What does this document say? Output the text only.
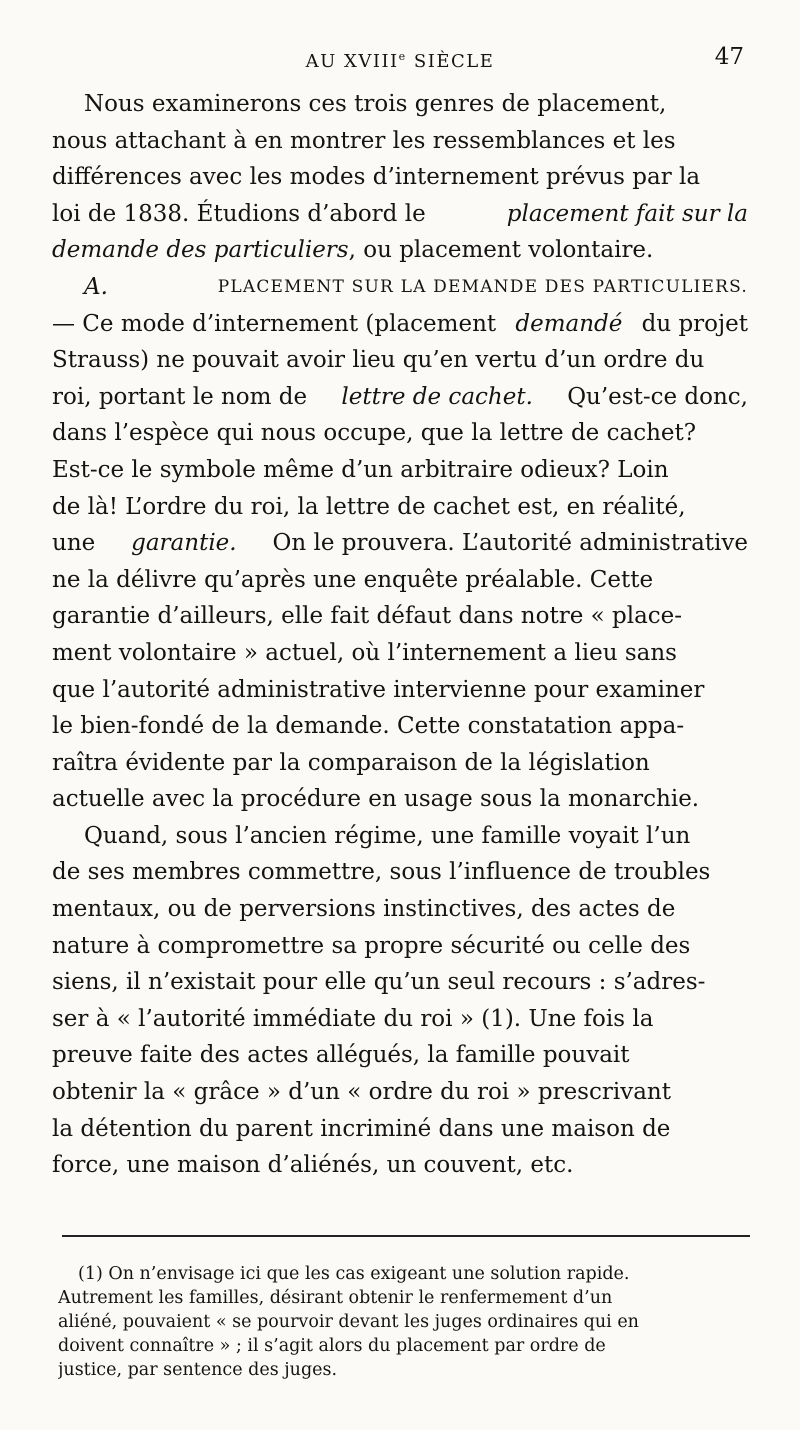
AU XVIIIe SIÈCLE	47
Nous examinerons ces trois genres de placement,
nous attachant à en montrer les ressemblances et les
différences avec les modes d’internement prévus par la
loi de 1838. Étudions d’abord le	placement fait sur la
demande des particuliers , ou placement volontaire.
A.	PLACEMENT SUR LA DEMANDE DES PARTICULIERS.
— Ce mode d’internement (placement demandé du projet
Strauss) ne pouvait avoir lieu qu’en vertu d’un ordre du
roi, portant le nom de lettre de cachet. Qu’est-ce donc,
dans l’espèce qui nous occupe, que la lettre de cachet?
Est-ce le symbole même d’un arbitraire odieux? Loin
de là! L’ordre du roi, la lettre de cachet est, en réalité,
une garantie. On le prouvera. L’autorité administrative
ne la délivre qu’après une enquête préalable. Cette
garantie d’ailleurs, elle fait défaut dans notre « place-
ment volontaire » actuel, où l’internement a lieu sans
que l’autorité administrative intervienne pour examiner
le bien-fondé de la demande. Cette constatation appa-
raîtra évidente par la comparaison de la législation
actuelle avec la procédure en usage sous la monarchie.
Quand, sous l’ancien régime, une famille voyait l’un
de ses membres commettre, sous l’influence de troubles
mentaux, ou de perversions instinctives, des actes de
nature à compromettre sa propre sécurité ou celle des
siens, il n’existait pour elle qu’un seul recours : s’adres-
ser à « l’autorité immédiate du roi » (1). Une fois la
preuve faite des actes allégués, la famille pouvait
obtenir la « grâce » d’un « ordre du roi » prescrivant
la détention du parent incriminé dans une maison de
force, une maison d’aliénés, un couvent, etc.
(1) On n’envisage ici que les cas exigeant une solution rapide.
Autrement les familles, désirant obtenir le renfermement d’un
aliéné, pouvaient « se pourvoir devant les juges ordinaires qui en
doivent connaître » ; il s’agit alors du placement par ordre de
justice, par sentence des juges.
